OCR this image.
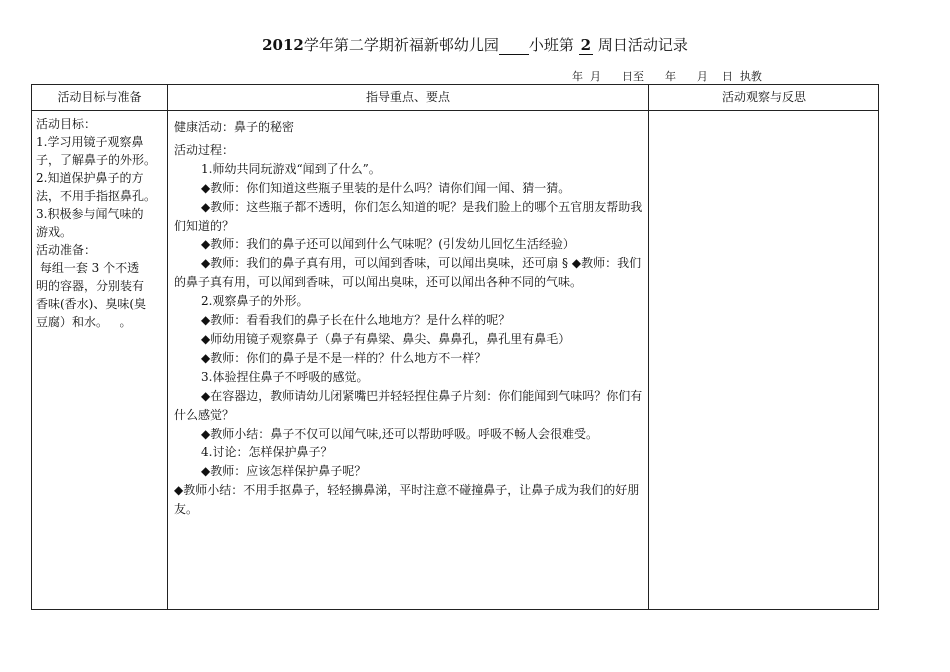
2012学年第二学期祈福新邨幼儿园 小班第 2 周日活动记录
年  月      日至      年      月    日  执教
活动目标与准备	指导重点、要点	活动观察与反思
活动目标：
1.学习用镜子观察鼻
子，了解鼻子的外形。
2.知道保护鼻子的方
法，不用手指抠鼻孔。
3.积极参与闻气味的
游戏。
活动准备：
每组一套 3 个不透
明的容器，分别装有
香味(香水)、臭味(臭
豆腐）和水。   。

健康活动：鼻子的秘密

活动过程：

1.师幼共同玩游戏“闻到了什么”。

◆教师：你们知道这些瓶子里装的是什么吗？请你们闻一闻、猜一猜。

◆教师：这些瓶子都不透明，你们怎么知道的呢？是我们脸上的哪个五官朋友帮助我们知道的？

◆教师：我们的鼻子还可以闻到什么气味呢？(引发幼儿回忆生活经验）

◆教师：我们的鼻子真有用，可以闻到香味，可以闻出臭味，还可扇 § ◆教师：我们的鼻子真有用，可以闻到香味，可以闻出臭味，还可以闻出各种不同的气味。

2.观察鼻子的外形。

◆教师：看看我们的鼻子长在什么地地方？是什么样的呢？

◆师幼用镜子观察鼻子（鼻子有鼻梁、鼻尖、鼻鼻孔，鼻孔里有鼻毛）

◆教师：你们的鼻子是不是一样的？什么地方不一样？

3.体验捏住鼻子不呼吸的感觉。

◆在容器边，教师请幼儿闭紧嘴巴并轻轻捏住鼻子片刻：你们能闻到气味吗？你们有什么感觉？

◆教师小结：鼻子不仅可以闻气味,还可以帮助呼吸。呼吸不畅人会很难受。

4.讨论：怎样保护鼻子？

◆教师：应该怎样保护鼻子呢？

◆教师小结：不用手抠鼻子，轻轻擤鼻涕，平时注意不碰撞鼻子，让鼻子成为我们的好朋友。
